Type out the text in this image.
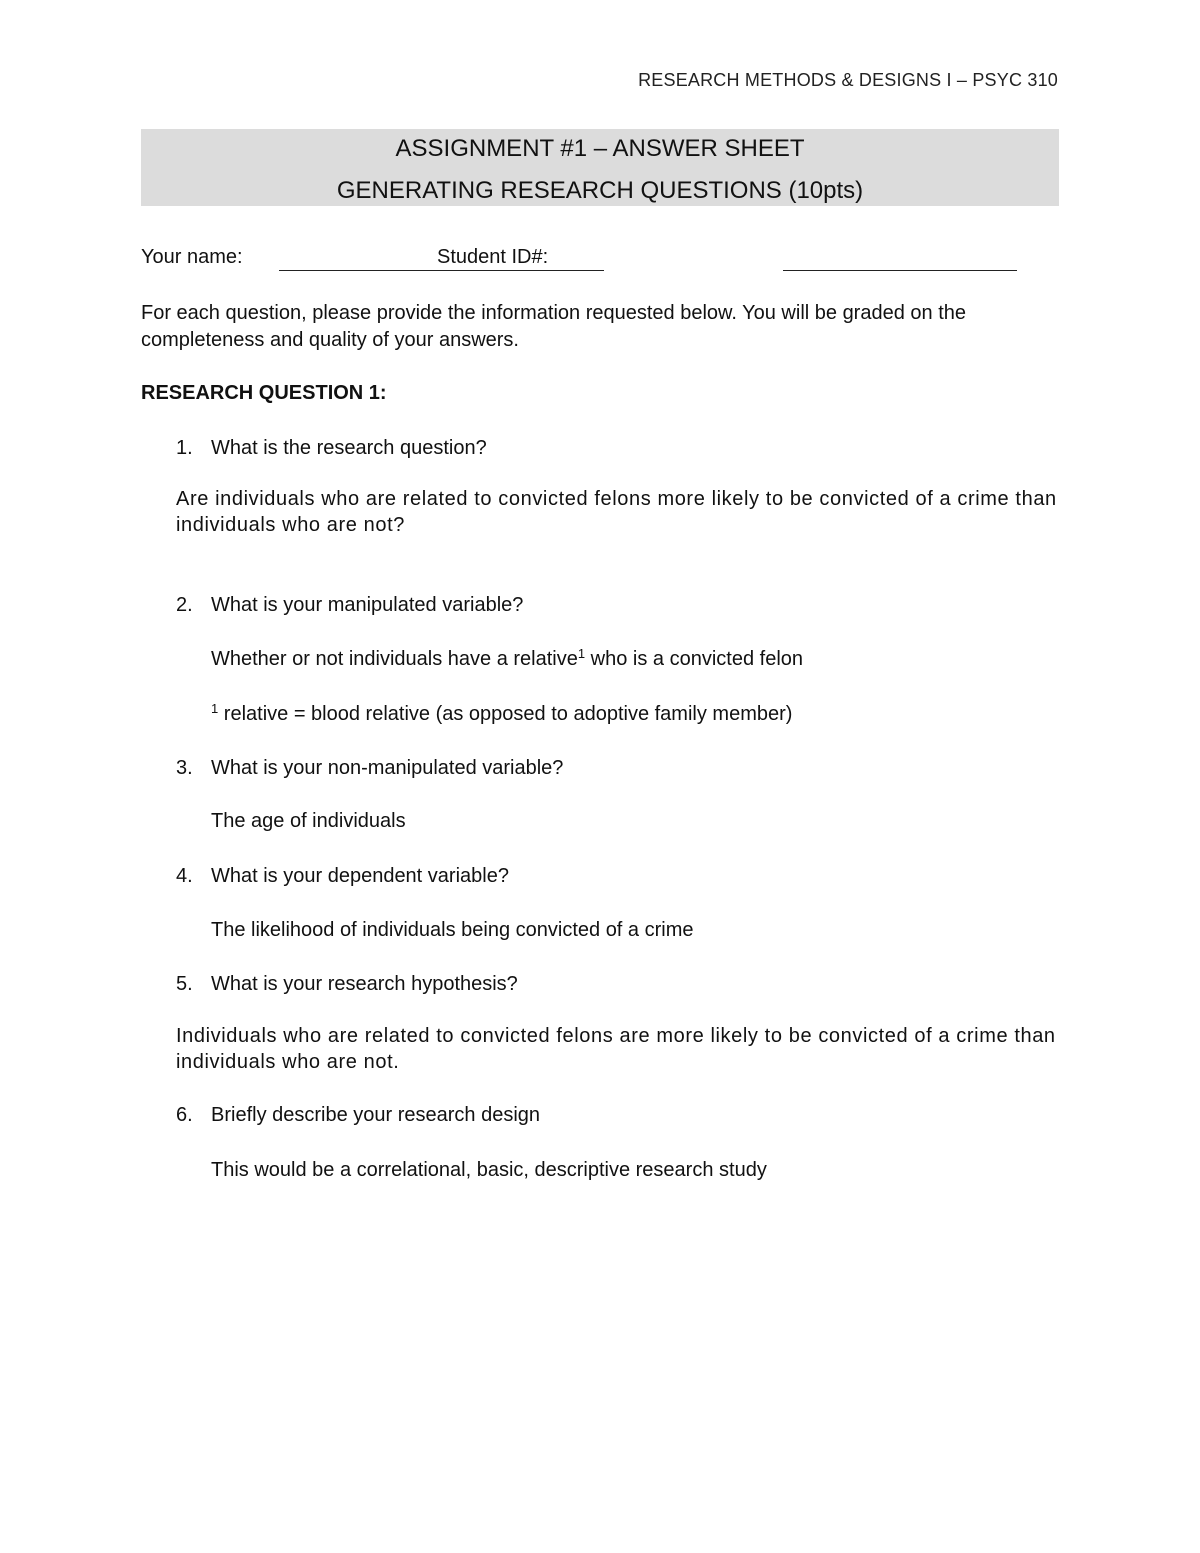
RESEARCH METHODS & DESIGNS I – PSYC 310
ASSIGNMENT #1 – ANSWER SHEET
GENERATING RESEARCH QUESTIONS (10pts)
Your name:	Student ID#:
For each question, please provide the information requested below. You will be graded on the completeness and quality of your answers.
RESEARCH QUESTION 1:
1. What is the research question?
Are individuals who are related to convicted felons more likely to be convicted of a crime than individuals who are not?
2. What is your manipulated variable?
Whether or not individuals have a relative$^1$ who is a convicted felon
$^1$ relative = blood relative (as opposed to adoptive family member)
3. What is your non-manipulated variable?
The age of individuals
4. What is your dependent variable?
The likelihood of individuals being convicted of a crime
5. What is your research hypothesis?
Individuals who are related to convicted felons are more likely to be convicted of a crime than individuals who are not.
6. Briefly describe your research design
This would be a correlational, basic, descriptive research study
